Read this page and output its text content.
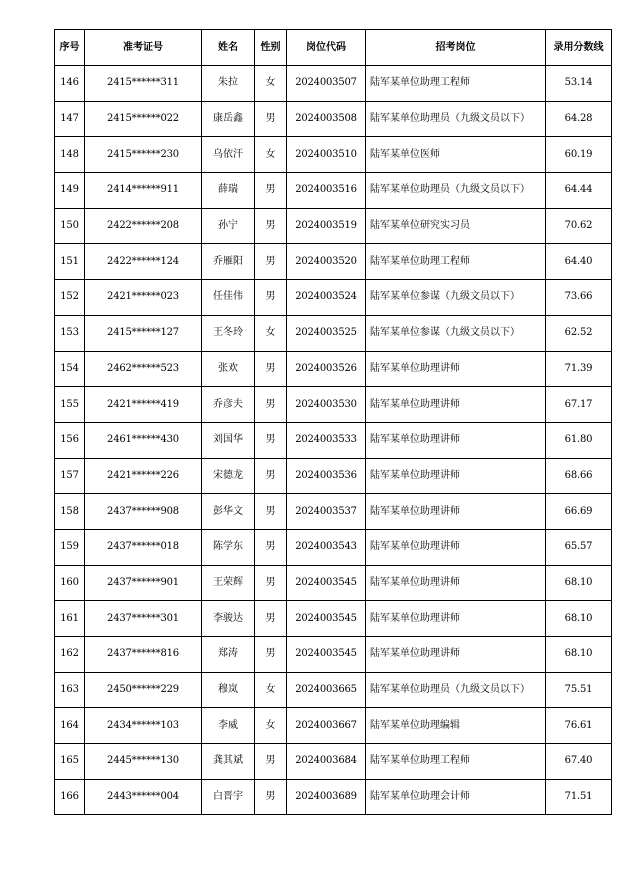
序号	准考证号	姓名	性别	岗位代码	招考岗位	录用分数线
146	2415******311	朱拉	女	2024003507	陆军某单位助理工程师	53.14
147	2415******022	康岳鑫	男	2024003508	陆军某单位助理员（九级文员以下）	64.28
148	2415******230	乌依汗	女	2024003510	陆军某单位医师	60.19
149	2414******911	薛瑞	男	2024003516	陆军某单位助理员（九级文员以下）	64.44
150	2422******208	孙宁	男	2024003519	陆军某单位研究实习员	70.62
151	2422******124	乔雁阳	男	2024003520	陆军某单位助理工程师	64.40
152	2421******023	任佳伟	男	2024003524	陆军某单位参谋（九级文员以下）	73.66
153	2415******127	王冬玲	女	2024003525	陆军某单位参谋（九级文员以下）	62.52
154	2462******523	张欢	男	2024003526	陆军某单位助理讲师	71.39
155	2421******419	乔彦夫	男	2024003530	陆军某单位助理讲师	67.17
156	2461******430	刘国华	男	2024003533	陆军某单位助理讲师	61.80
157	2421******226	宋德龙	男	2024003536	陆军某单位助理讲师	68.66
158	2437******908	彭华文	男	2024003537	陆军某单位助理讲师	66.69
159	2437******018	陈学东	男	2024003543	陆军某单位助理讲师	65.57
160	2437******901	王荣辉	男	2024003545	陆军某单位助理讲师	68.10
161	2437******301	李骏达	男	2024003545	陆军某单位助理讲师	68.10
162	2437******816	郑涛	男	2024003545	陆军某单位助理讲师	68.10
163	2450******229	穆岚	女	2024003665	陆军某单位助理员（九级文员以下）	75.51
164	2434******103	李威	女	2024003667	陆军某单位助理编辑	76.61
165	2445******130	龚其斌	男	2024003684	陆军某单位助理工程师	67.40
166	2443******004	白晋宇	男	2024003689	陆军某单位助理会计师	71.51
